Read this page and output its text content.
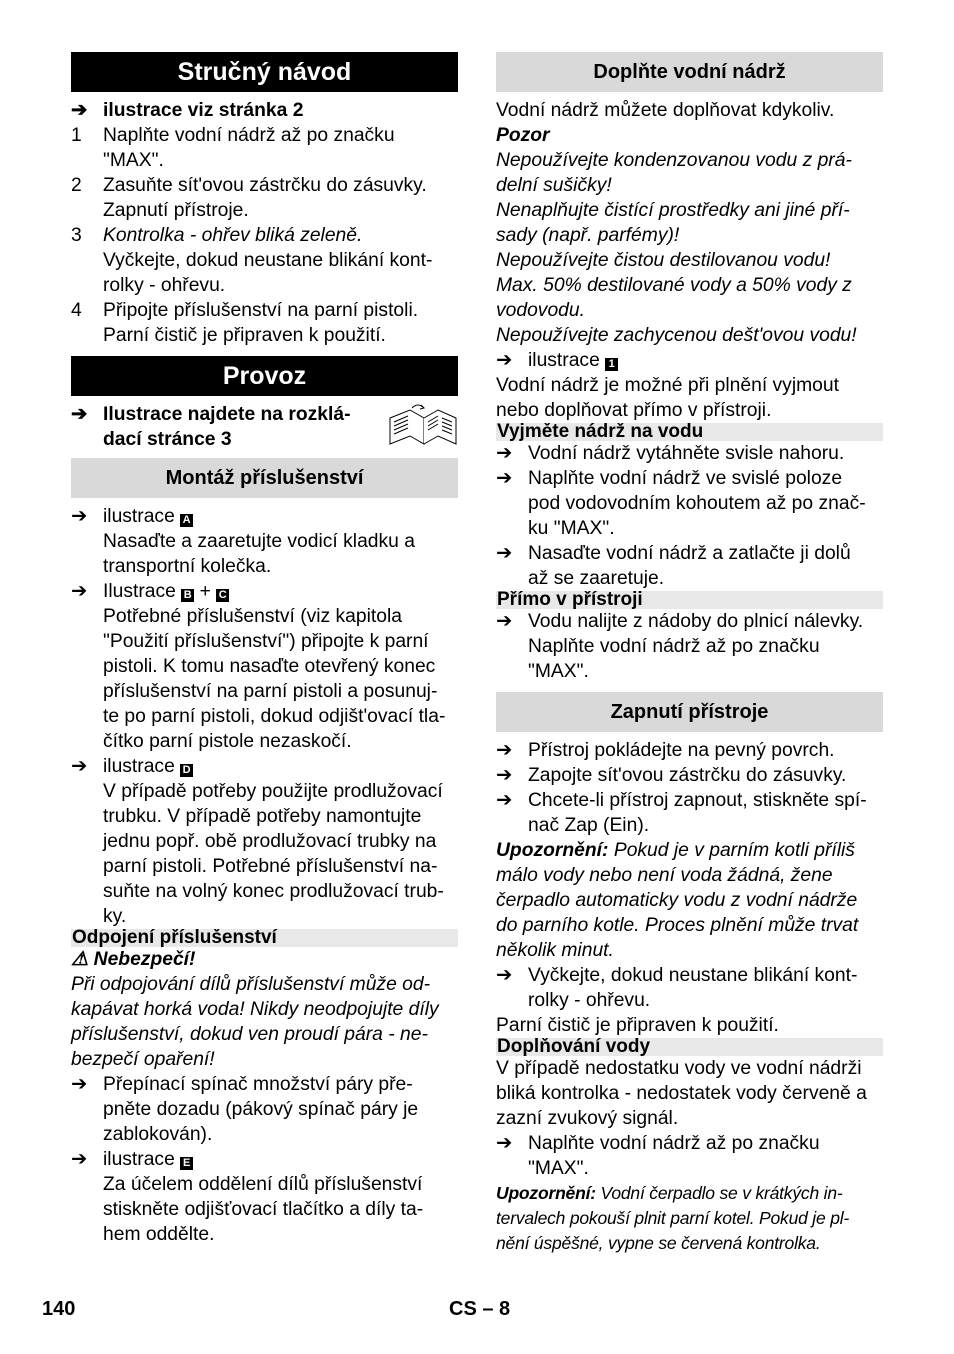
Stručný návod
➔ ilustrace viz stránka 2
1	Naplňte vodní nádrž až po značku
"MAX".
2	Zasuňte sít'ovou zástrčku do zásuvky.
Zapnutí přístroje.
3	Kontrolka - ohřev bliká zeleně.
Vyčkejte, dokud neustane blikání kont-
rolky - ohřevu.
4	Připojte příslušenství na parní pistoli.
Parní čistič je připraven k použití.
Provoz
➔ Ilustrace najdete na rozklá-
dací stránce 3
Montáž příslušenství
➔ ilustrace A
Nasaďte a zaaretujte vodicí kladku a
transportní kolečka.
➔ Ilustrace B + C
Potřebné příslušenství (viz kapitola
"Použití příslušenství") připojte k parní
pistoli. K tomu nasaďte otevřený konec
příslušenství na parní pistoli a posunuj-
te po parní pistoli, dokud odjišt'ovací tla-
čítko parní pistole nezaskočí.
➔ ilustrace D
V případě potřeby použijte prodlužovací
trubku. V případě potřeby namontujte
jednu popř. obě prodlužovací trubky na
parní pistoli. Potřebné příslušenství na-
suňte na volný konec prodlužovací trub-
ky.
Odpojení příslušenství
⚠ Nebezpečí!
Při odpojování dílů příslušenství může od-
kapávat horká voda! Nikdy neodpojujte díly
příslušenství, dokud ven proudí pára - ne-
bezpečí opaření!
➔ Přepínací spínač množství páry pře-
pněte dozadu (pákový spínač páry je
zablokován).
➔ ilustrace E
Za účelem oddělení dílů příslušenství
stiskněte odjišťovací tlačítko a díly ta-
hem oddělte.
Doplňte vodní nádrž
Vodní nádrž můžete doplňovat kdykoliv.
Pozor
Nepoužívejte kondenzovanou vodu z prá-
delní sušičky!
Nenaplňujte čistící prostředky ani jiné pří-
sady (např. parfémy)!
Nepoužívejte čistou destilovanou vodu!
Max. 50% destilované vody a 50% vody z
vodovodu.
Nepoužívejte zachycenou dešt'ovou vodu!
➔ ilustrace 1
Vodní nádrž je možné při plnění vyjmout
nebo doplňovat přímo v přístroji.
Vyjměte nádrž na vodu
➔ Vodní nádrž vytáhněte svisle nahoru.
➔ Naplňte vodní nádrž ve svislé poloze
pod vodovodním kohoutem až po znač-
ku "MAX".
➔ Nasaďte vodní nádrž a zatlačte ji dolů
až se zaaretuje.
Přímo v přístroji
➔ Vodu nalijte z nádoby do plnicí nálevky.
Naplňte vodní nádrž až po značku
"MAX".
Zapnutí přístroje
➔ Přístroj pokládejte na pevný povrch.
➔ Zapojte sít'ovou zástrčku do zásuvky.
➔ Chcete-li přístroj zapnout, stiskněte spí-
nač Zap (Ein).
Upozornění: Pokud je v parním kotli příliš
málo vody nebo není voda žádná, žene
čerpadlo automaticky vodu z vodní nádrže
do parního kotle. Proces plnění může trvat
několik minut.
➔ Vyčkejte, dokud neustane blikání kont-
rolky - ohřevu.
Parní čistič je připraven k použití.
Doplňování vody
V případě nedostatku vody ve vodní nádrži
bliká kontrolka - nedostatek vody červeně a
zazní zvukový signál.
➔ Naplňte vodní nádrž až po značku
"MAX".
Upozornění: Vodní čerpadlo se v krátkých in-
tervalech pokouší plnit parní kotel. Pokud je pl-
nění úspěšné, vypne se červená kontrolka.
140	CS – 8
